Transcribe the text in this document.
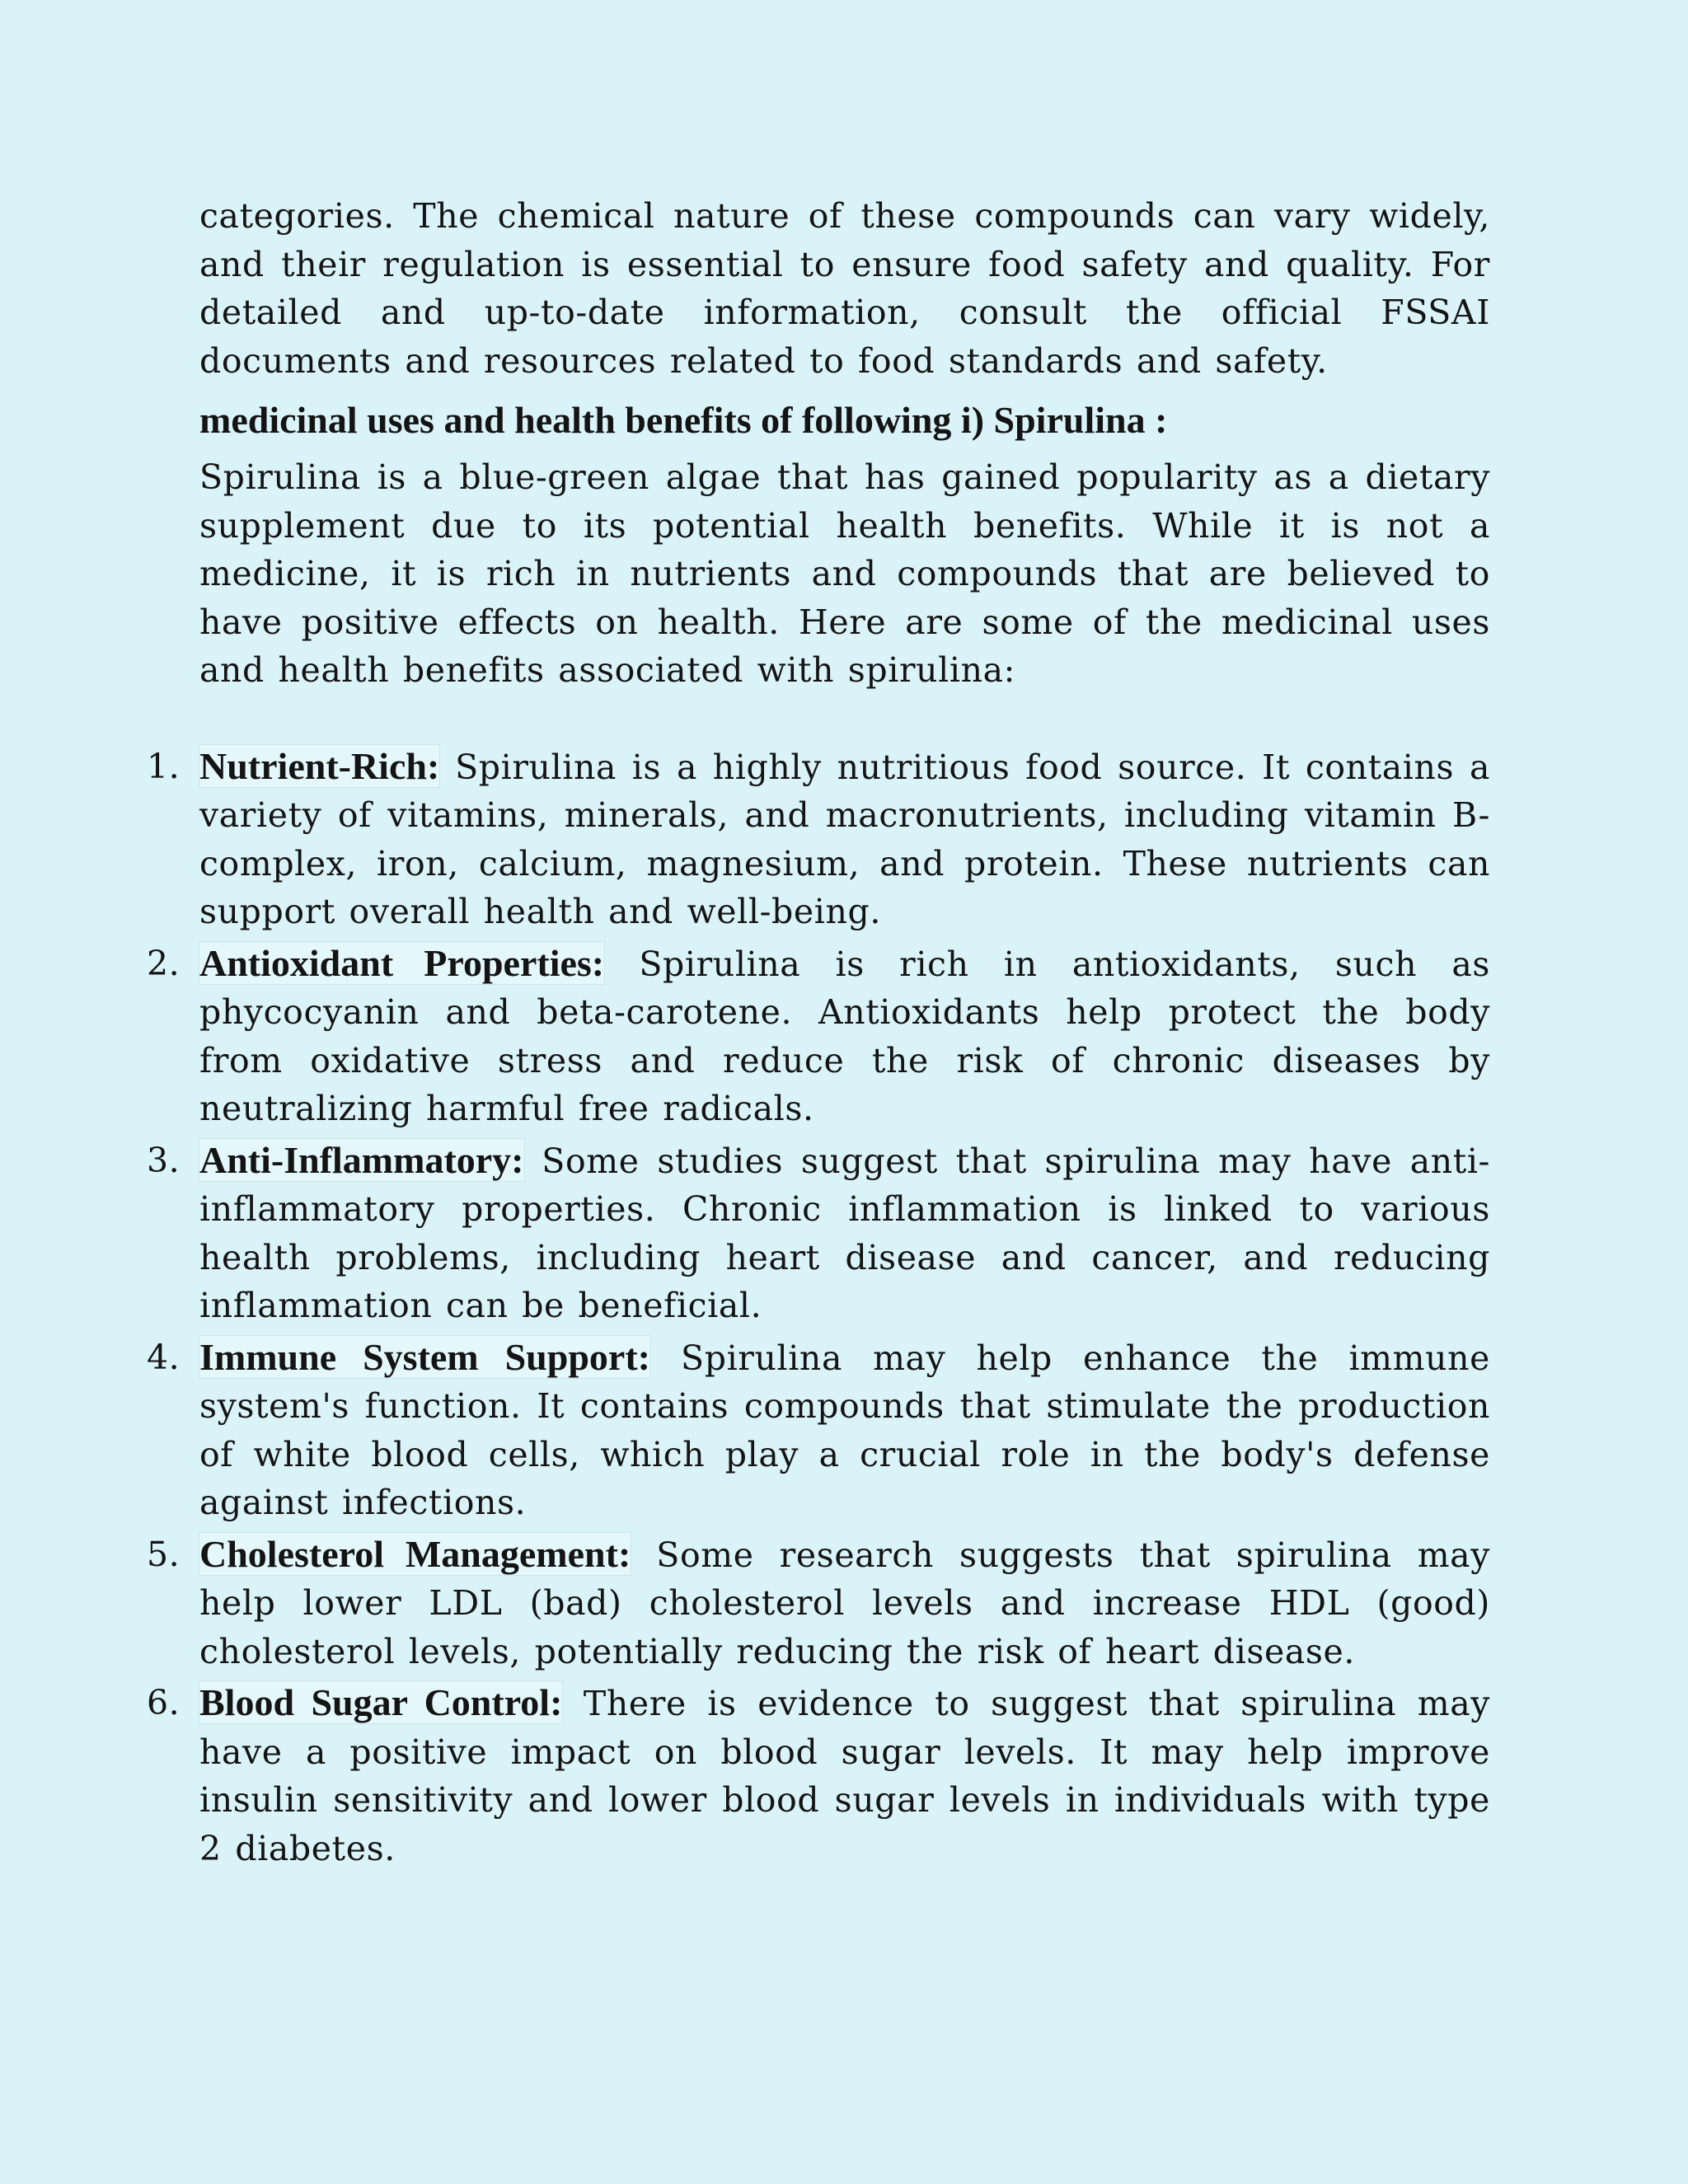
categories. The chemical nature of these compounds can vary widely, and their regulation is essential to ensure food safety and quality. For detailed and up-to-date information, consult the official FSSAI documents and resources related to food standards and safety.

medicinal uses and health benefits of following i) Spirulina :

Spirulina is a blue-green algae that has gained popularity as a dietary supplement due to its potential health benefits. While it is not a medicine, it is rich in nutrients and compounds that are believed to have positive effects on health. Here are some of the medicinal uses and health benefits associated with spirulina:

1. Nutrient-Rich: Spirulina is a highly nutritious food source. It contains a variety of vitamins, minerals, and macronutrients, including vitamin B-complex, iron, calcium, magnesium, and protein. These nutrients can support overall health and well-being.
2. Antioxidant Properties: Spirulina is rich in antioxidants, such as phycocyanin and beta-carotene. Antioxidants help protect the body from oxidative stress and reduce the risk of chronic diseases by neutralizing harmful free radicals.
3. Anti-Inflammatory: Some studies suggest that spirulina may have anti-inflammatory properties. Chronic inflammation is linked to various health problems, including heart disease and cancer, and reducing inflammation can be beneficial.
4. Immune System Support: Spirulina may help enhance the immune system's function. It contains compounds that stimulate the production of white blood cells, which play a crucial role in the body's defense against infections.
5. Cholesterol Management: Some research suggests that spirulina may help lower LDL (bad) cholesterol levels and increase HDL (good) cholesterol levels, potentially reducing the risk of heart disease.
6. Blood Sugar Control: There is evidence to suggest that spirulina may have a positive impact on blood sugar levels. It may help improve insulin sensitivity and lower blood sugar levels in individuals with type 2 diabetes.
